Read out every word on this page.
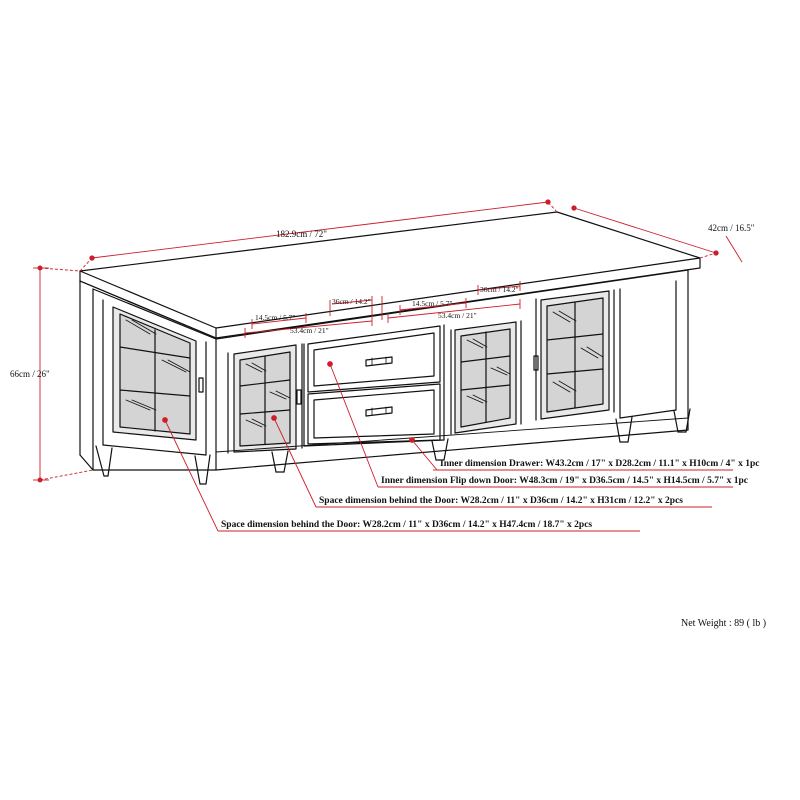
182.9cm / 72"
42cm / 16.5"
66cm / 26"
14.5cm / 5.7"
53.4cm / 21"
36cm / 14.2"	14.5cm / 5.7"
53.4cm / 21"
36cm / 14.2"
Inner dimension Drawer: W43.2cm / 17" x D28.2cm / 11.1" x H10cm / 4" x 1pc
Inner dimension Flip down Door: W48.3cm / 19" x D36.5cm / 14.5" x H14.5cm / 5.7" x 1pc
Space dimension behind the Door: W28.2cm / 11" x D36cm / 14.2" x H31cm / 12.2" x 2pcs
Space dimension behind the Door: W28.2cm / 11" x D36cm / 14.2" x H47.4cm / 18.7" x 2pcs
Net Weight : 89 ( lb )
